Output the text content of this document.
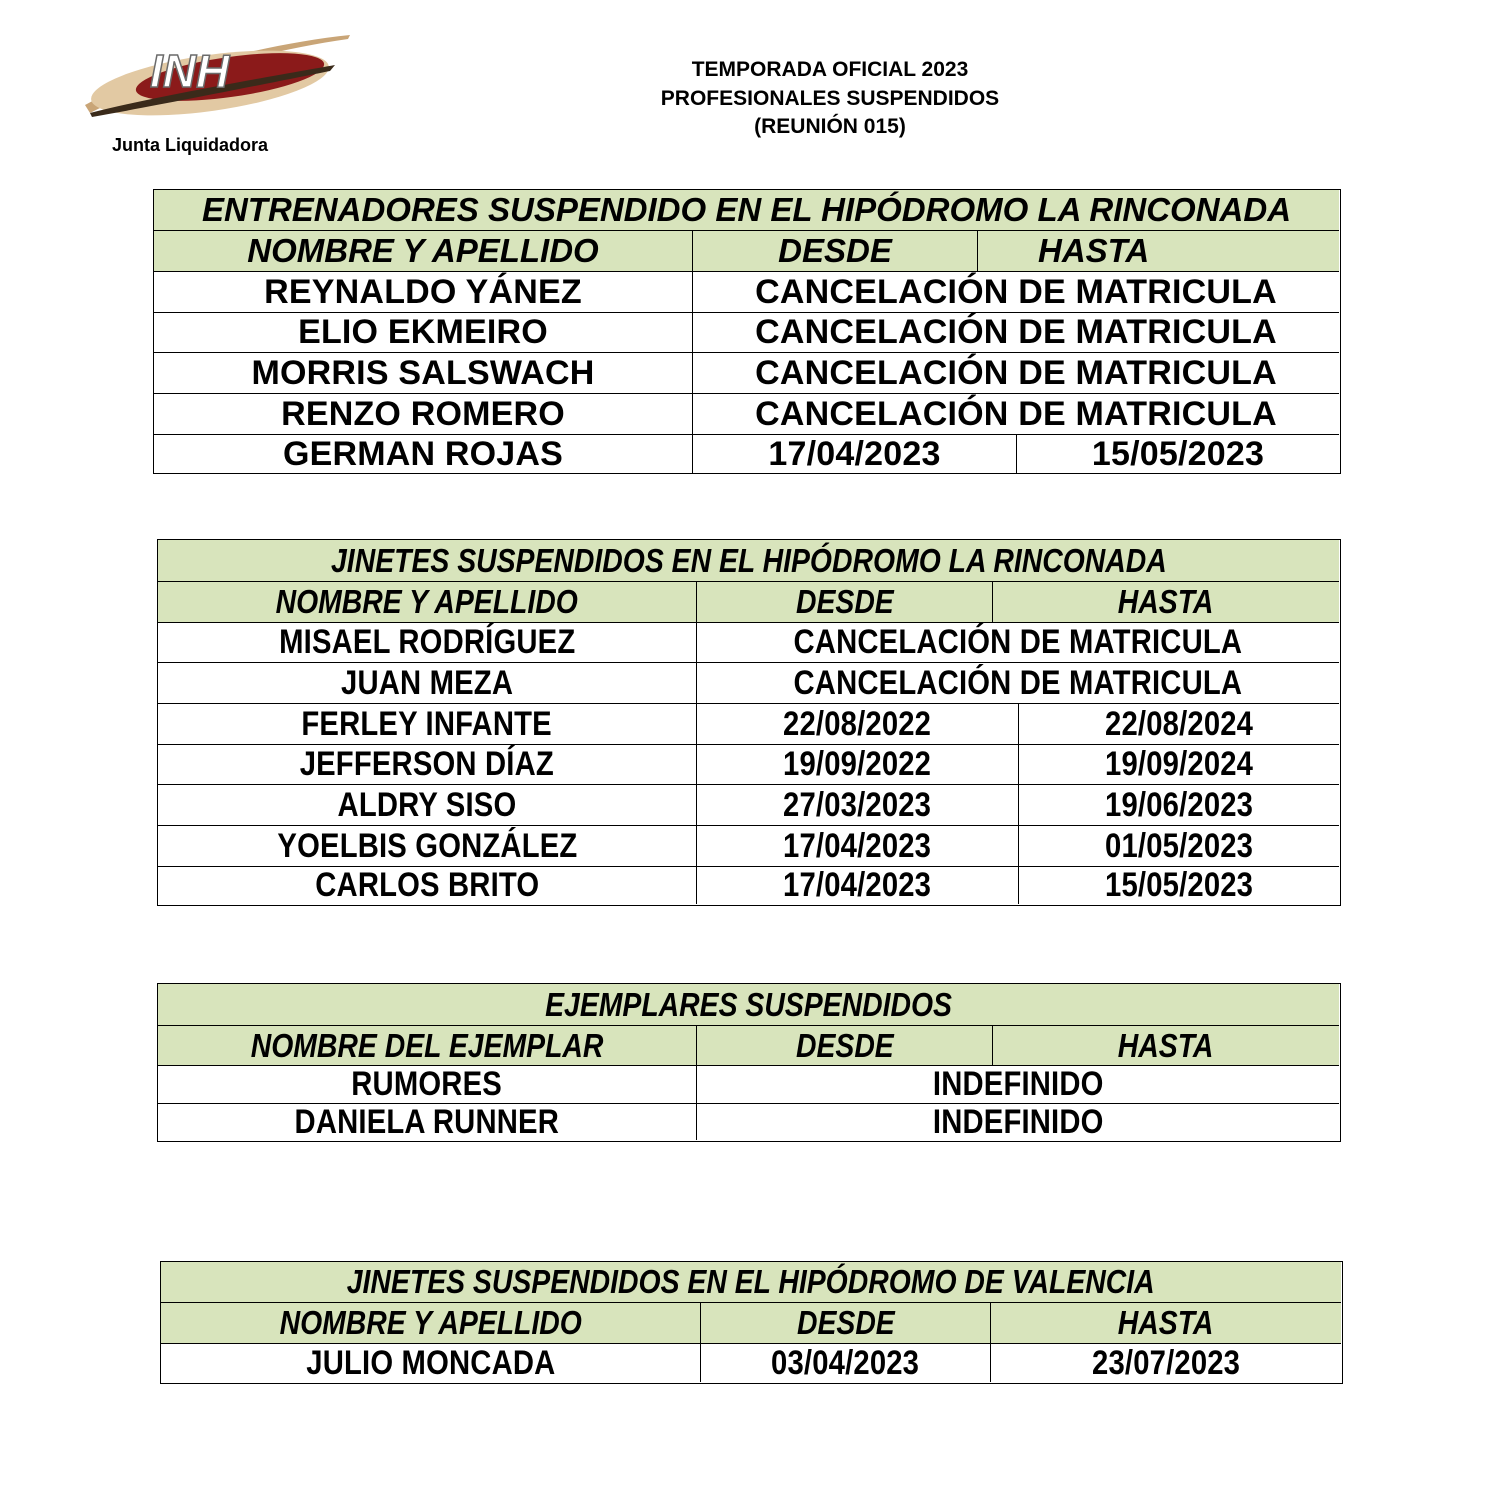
INH
Junta Liquidadora
TEMPORADA OFICIAL 2023
PROFESIONALES SUSPENDIDOS
(REUNIÓN 015)
ENTRENADORES SUSPENDIDO EN EL HIPÓDROMO LA RINCONADA
NOMBRE Y APELLIDO	DESDE	HASTA
REYNALDO YÁNEZ	CANCELACIÓN DE MATRICULA
ELIO EKMEIRO	CANCELACIÓN DE MATRICULA
MORRIS SALSWACH	CANCELACIÓN DE MATRICULA
RENZO ROMERO	CANCELACIÓN DE MATRICULA
GERMAN ROJAS	17/04/2023	15/05/2023
JINETES SUSPENDIDOS EN EL HIPÓDROMO LA RINCONADA
NOMBRE Y APELLIDO	DESDE	HASTA
MISAEL RODRÍGUEZ	CANCELACIÓN DE MATRICULA
JUAN MEZA	CANCELACIÓN DE MATRICULA
FERLEY INFANTE	22/08/2022	22/08/2024
JEFFERSON DÍAZ	19/09/2022	19/09/2024
ALDRY SISO	27/03/2023	19/06/2023
YOELBIS GONZÁLEZ	17/04/2023	01/05/2023
CARLOS BRITO	17/04/2023	15/05/2023
EJEMPLARES SUSPENDIDOS
NOMBRE DEL EJEMPLAR	DESDE	HASTA
RUMORES	INDEFINIDO
DANIELA RUNNER	INDEFINIDO
JINETES SUSPENDIDOS EN EL HIPÓDROMO DE VALENCIA
NOMBRE Y APELLIDO	DESDE	HASTA
JULIO MONCADA	03/04/2023	23/07/2023
